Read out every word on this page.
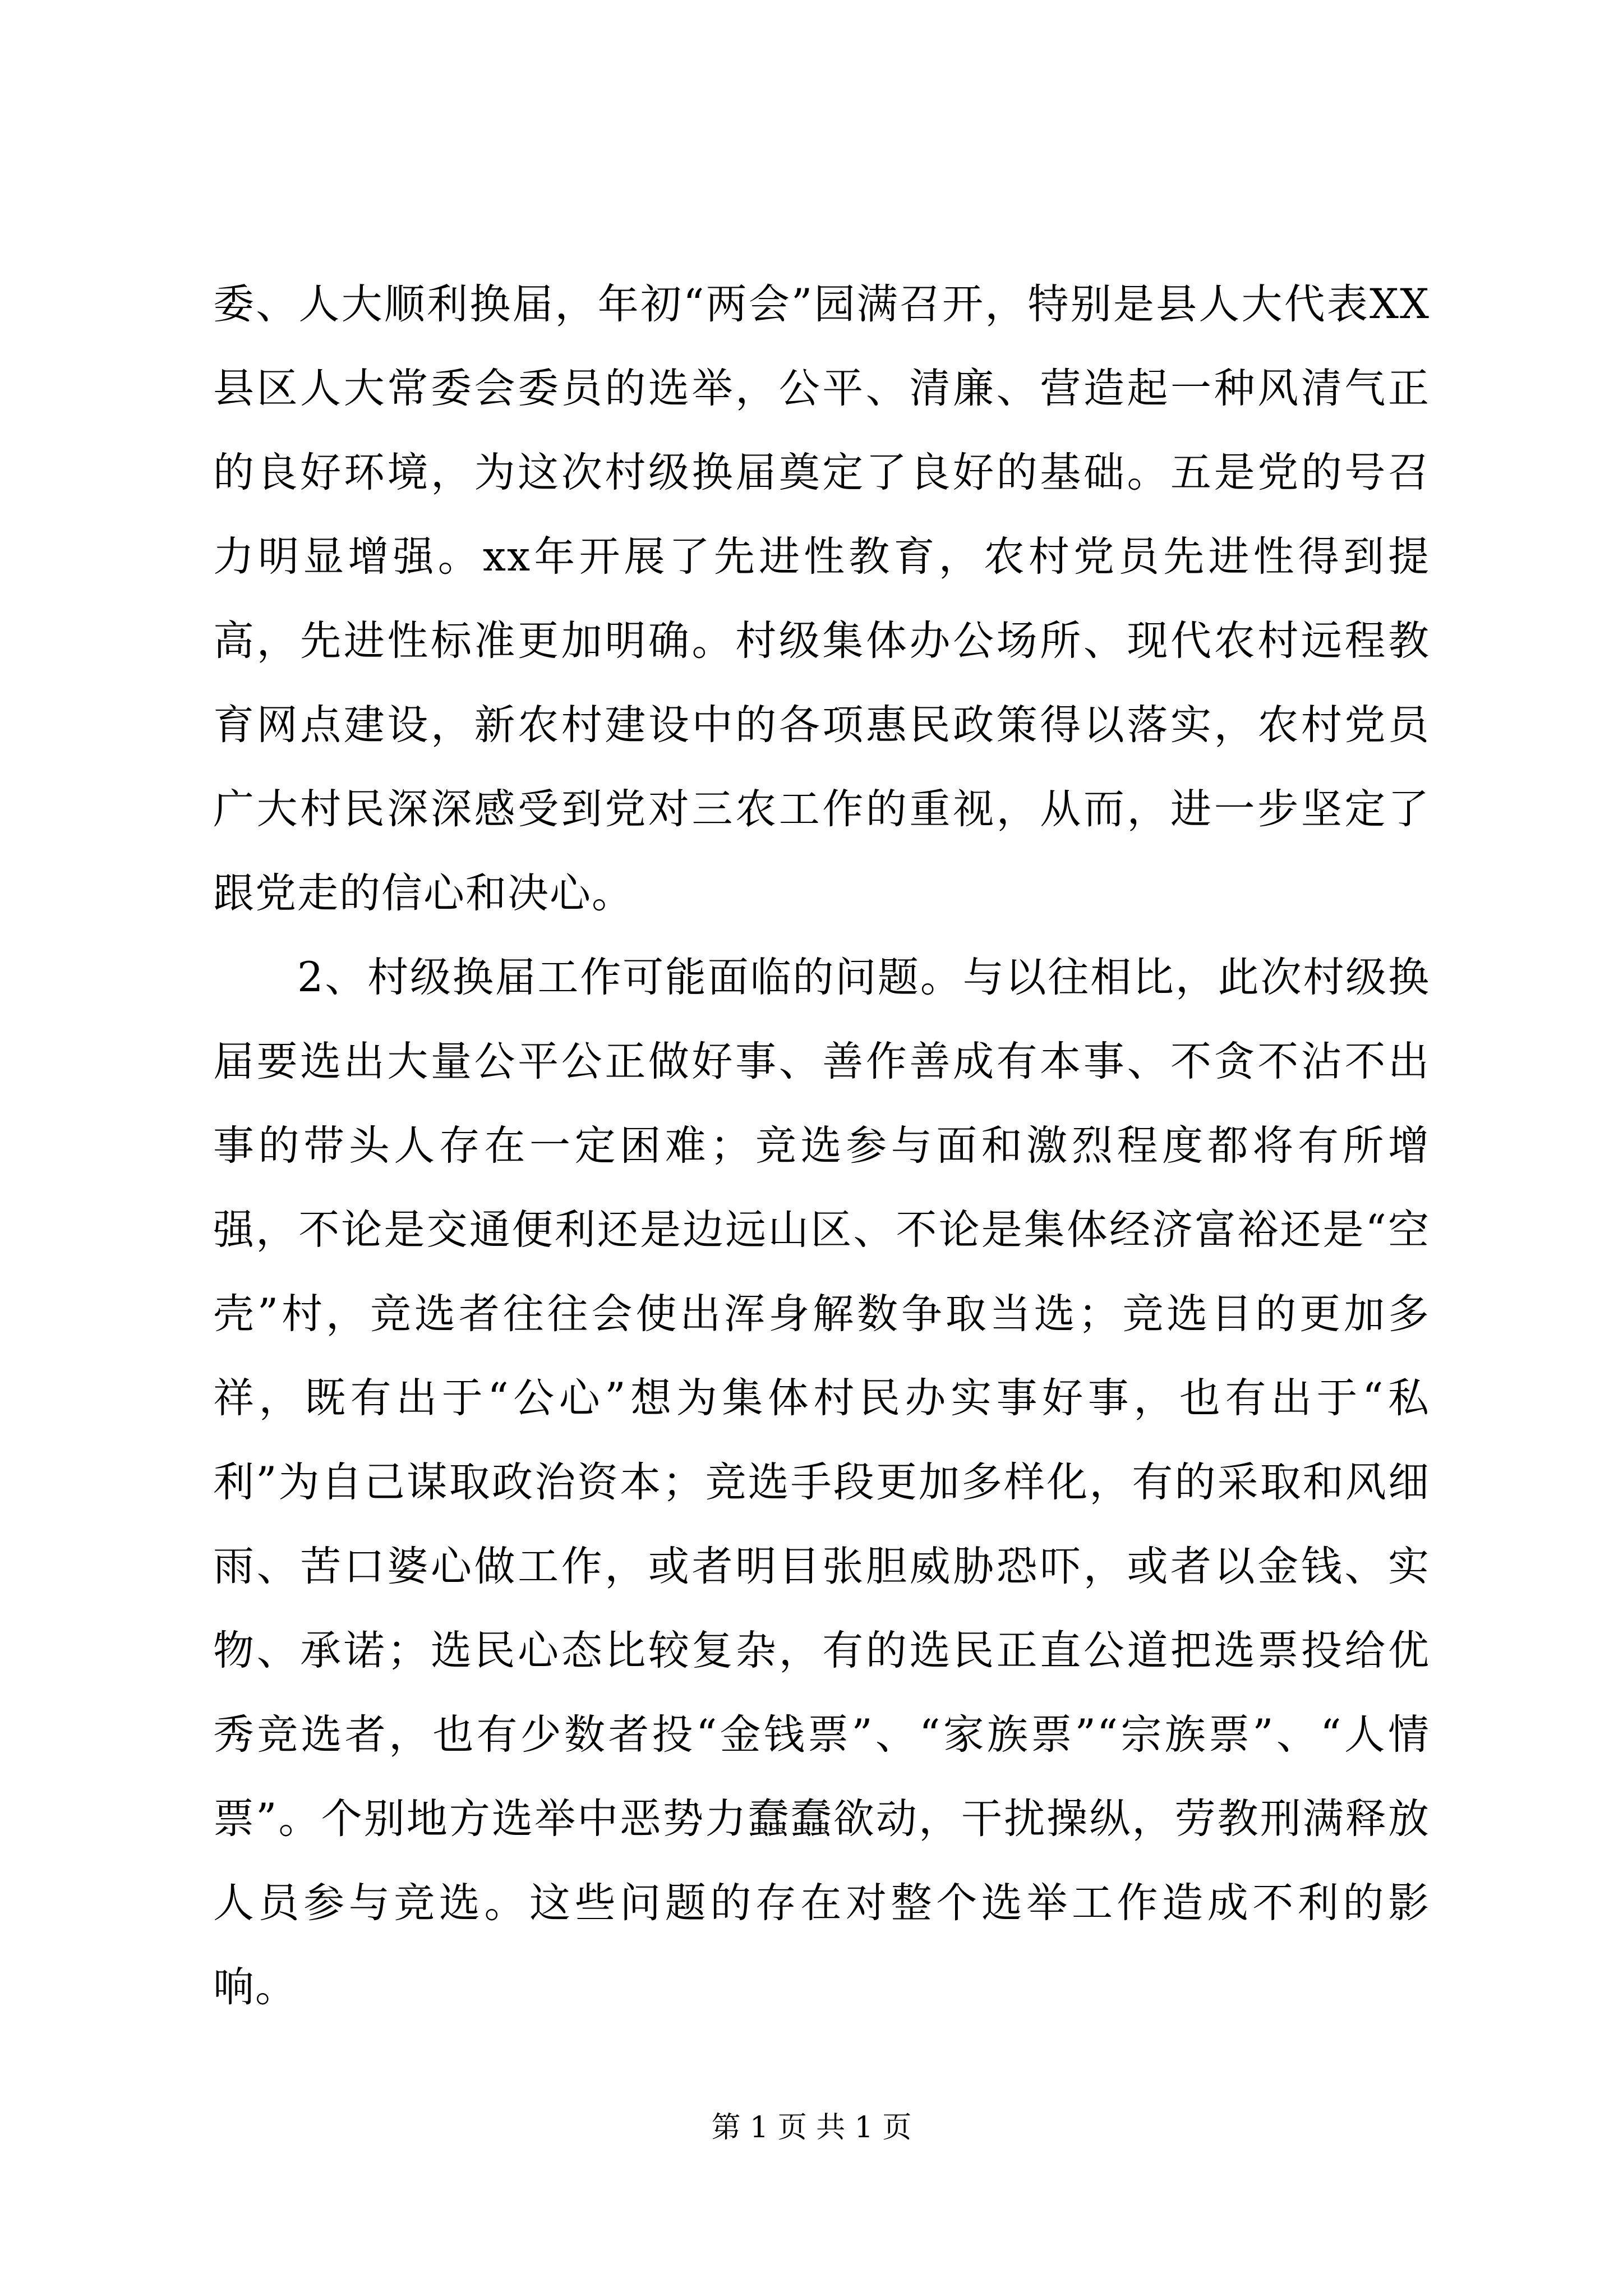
委、人大顺利换届，年初“两会”园满召开，特别是县人大代表XX县区人大常委会委员的选举，公平、清廉、营造起一种风清气正的良好环境，为这次村级换届奠定了良好的基础。五是党的号召力明显增强。xx年开展了先进性教育，农村党员先进性得到提高，先进性标准更加明确。村级集体办公场所、现代农村远程教育网点建设，新农村建设中的各项惠民政策得以落实，农村党员广大村民深深感受到党对三农工作的重视，从而，进一步坚定了跟党走的信心和决心。

2、村级换届工作可能面临的问题。与以往相比，此次村级换届要选出大量公平公正做好事、善作善成有本事、不贪不沾不出事的带头人存在一定困难；竞选参与面和激烈程度都将有所增强，不论是交通便利还是边远山区、不论是集体经济富裕还是“空壳”村，竞选者往往会使出浑身解数争取当选；竞选目的更加多祥，既有出于“公心”想为集体村民办实事好事，也有出于“私利”为自己谋取政治资本；竞选手段更加多样化，有的采取和风细雨、苦口婆心做工作，或者明目张胆威胁恐吓，或者以金钱、实物、承诺；选民心态比较复杂，有的选民正直公道把选票投给优秀竞选者，也有少数者投“金钱票”、“家族票”“宗族票”、“人情票”。个别地方选举中恶势力蠢蠢欲动，干扰操纵，劳教刑满释放人员参与竞选。这些问题的存在对整个选举工作造成不利的影响。

第 1 页 共 1 页
